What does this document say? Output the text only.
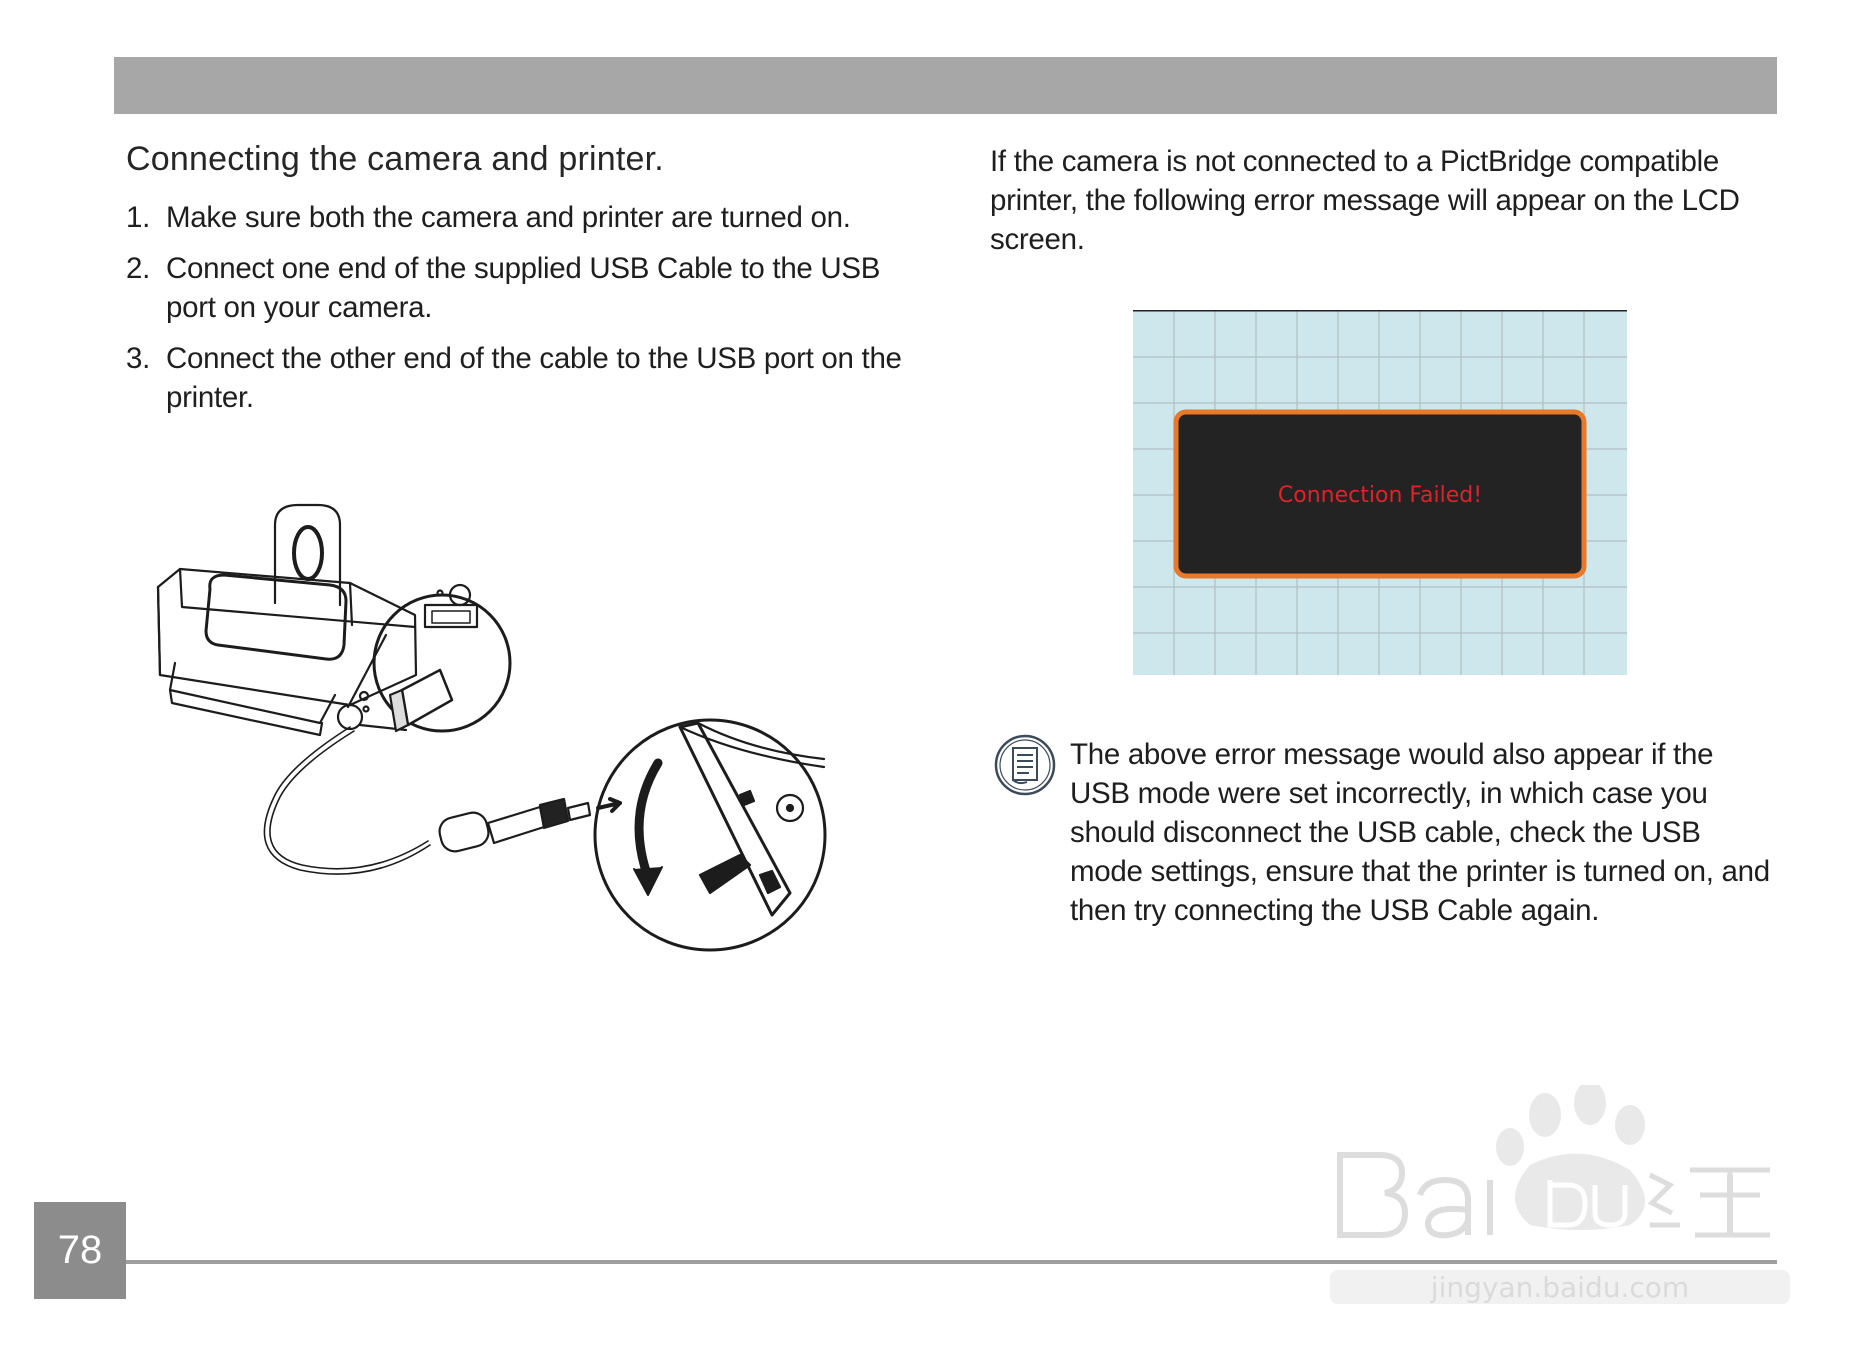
Connecting the camera and printer.
1. Make sure both the camera and printer are turned on.
2. Connect one end of the supplied USB Cable to the USB port on your camera.
3. Connect the other end of the cable to the USB port on the printer.
If the camera is not connected to a PictBridge compatible printer, the following error message will appear on the LCD screen.
Connection Failed!
The above error message would also appear if the USB mode were set incorrectly, in which case you should disconnect the USB cable, check the USB mode settings, ensure that the printer is turned on, and then try connecting the USB Cable again.
78
jingyan.baidu.com
